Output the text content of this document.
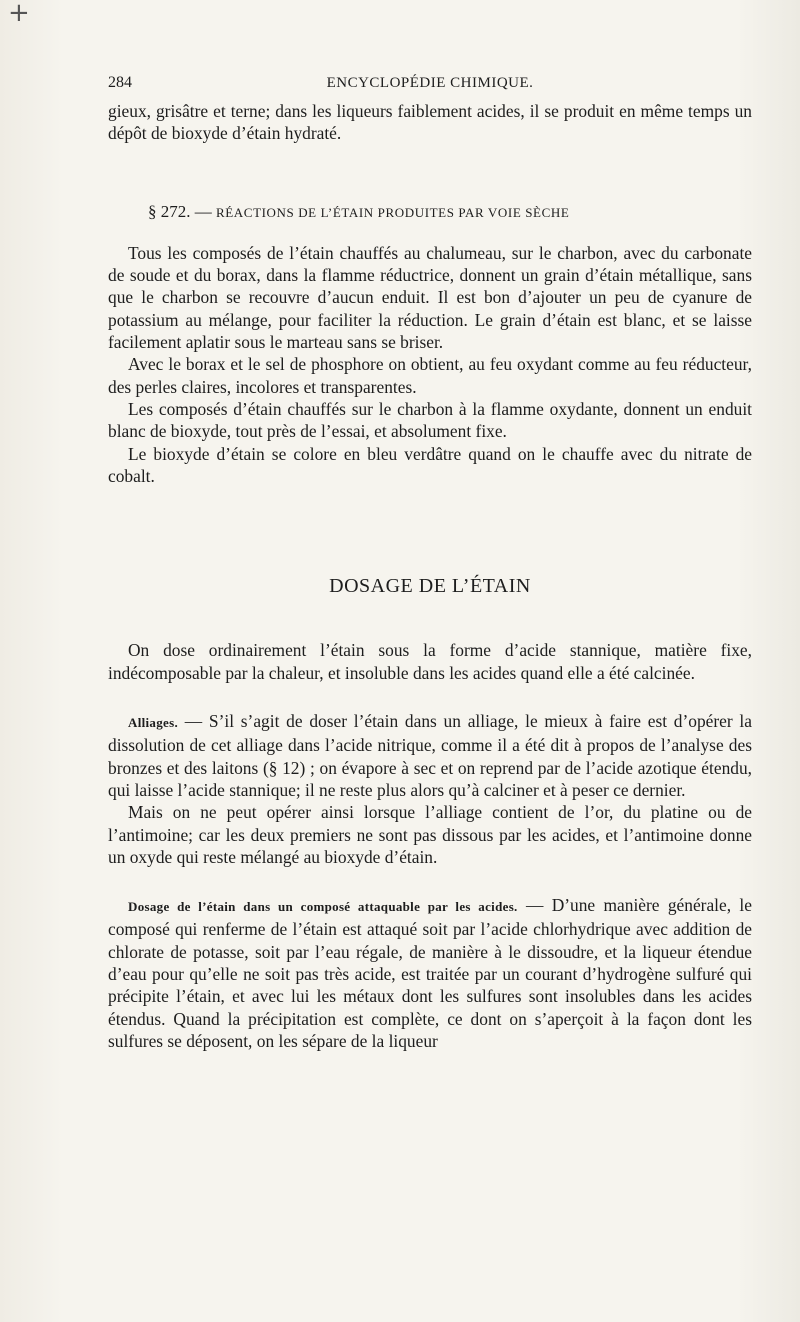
+
284	ENCYCLOPÉDIE CHIMIQUE.

gieux, grisâtre et terne; dans les liqueurs faiblement acides, il se produit en même temps un dépôt de bioxyde d’étain hydraté.

§ 272. — RÉACTIONS DE L’ÉTAIN PRODUITES PAR VOIE SÈCHE

Tous les composés de l’étain chauffés au chalumeau, sur le charbon, avec du carbonate de soude et du borax, dans la flamme réductrice, donnent un grain d’étain métallique, sans que le charbon se recouvre d’aucun enduit. Il est bon d’ajouter un peu de cyanure de potassium au mélange, pour faciliter la réduction. Le grain d’étain est blanc, et se laisse facilement aplatir sous le marteau sans se briser.

Avec le borax et le sel de phosphore on obtient, au feu oxydant comme au feu réducteur, des perles claires, incolores et transparentes.

Les composés d’étain chauffés sur le charbon à la flamme oxydante, donnent un enduit blanc de bioxyde, tout près de l’essai, et absolument fixe.

Le bioxyde d’étain se colore en bleu verdâtre quand on le chauffe avec du nitrate de cobalt.

DOSAGE DE L’ÉTAIN

On dose ordinairement l’étain sous la forme d’acide stannique, matière fixe, indécomposable par la chaleur, et insoluble dans les acides quand elle a été calcinée.

Alliages. — S’il s’agit de doser l’étain dans un alliage, le mieux à faire est d’opérer la dissolution de cet alliage dans l’acide nitrique, comme il a été dit à propos de l’analyse des bronzes et des laitons (§ 12) ; on évapore à sec et on reprend par de l’acide azotique étendu, qui laisse l’acide stannique; il ne reste plus alors qu’à calciner et à peser ce dernier.

Mais on ne peut opérer ainsi lorsque l’alliage contient de l’or, du platine ou de l’antimoine; car les deux premiers ne sont pas dissous par les acides, et l’antimoine donne un oxyde qui reste mélangé au bioxyde d’étain.

Dosage de l’étain dans un composé attaquable par les acides. — D’une manière générale, le composé qui renferme de l’étain est attaqué soit par l’acide chlorhydrique avec addition de chlorate de potasse, soit par l’eau régale, de manière à le dissoudre, et la liqueur étendue d’eau pour qu’elle ne soit pas très acide, est traitée par un courant d’hydrogène sulfuré qui précipite l’étain, et avec lui les métaux dont les sulfures sont insolubles dans les acides étendus. Quand la précipitation est complète, ce dont on s’aperçoit à la façon dont les sulfures se déposent, on les sépare de la liqueur
